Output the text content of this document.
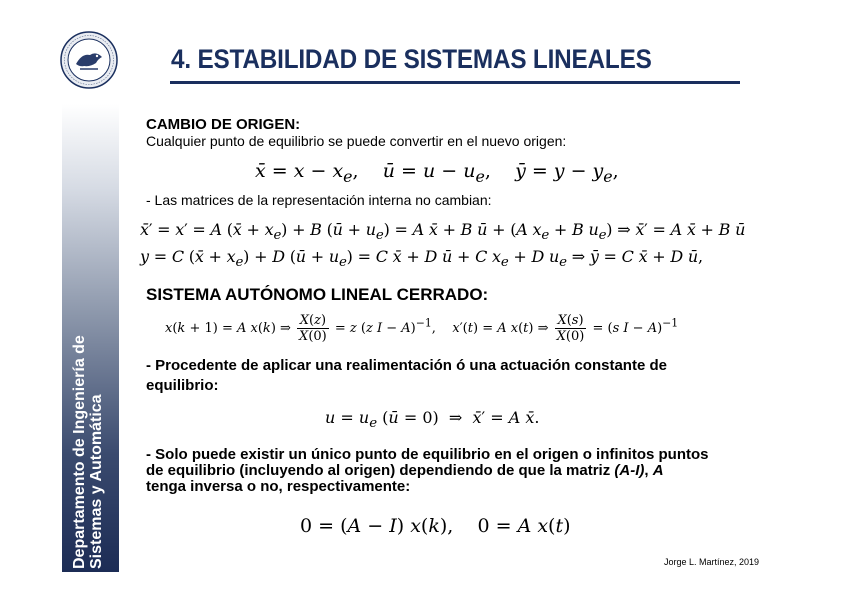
4. ESTABILIDAD DE SISTEMAS LINEALES
Departamento de Ingeniería de Sistemas y Automática
CAMBIO DE ORIGEN:
Cualquier punto de equilibrio se puede convertir en el nuevo origen:
x̄ = $x - x_e$,    ū = $u - u_e$,    ȳ = $y - y_e$,
- Las matrices de la representación interna no cambian:
x̄′ = x′ = A (x̄ + $x_e) + B$ (ū + $u_e) = A$ x̄ + B ū + (A $x_e + B$ $u_e$) ⇒ x̄′ = A x̄ + B ū
y = C (x̄ + $x_e) + D$ (ū + $u_e) = C$ x̄ + D ū + C $x_e + D$ $u_e$ ⇒ ȳ = C x̄ + D ū,
SISTEMA AUTÓNOMO LINEAL CERRADO:
x(k + 1) = A x(k) ⇒ $\frac{X(z)}{X(0)} = z$ (z I − A)$^{-1}$,    x′(t) = A x(t) ⇒ $\frac{X(s)}{X(0)} = (s$ I − A)$^{-1}$
- Procedente de aplicar una realimentación ó una actuación constante de
equilibrio:
$u = u_e$ (ū = 0)  ⇒  x̄′ = A x̄.
- Solo puede existir un único punto de equilibrio en el origen o infinitos puntos
de equilibrio (incluyendo al origen) dependiendo de que la matriz (A-I), A
tenga inversa o no, respectivamente:
0 = (A − I) x(k),    0 = A x(t)
Jorge L. Martínez, 2019
